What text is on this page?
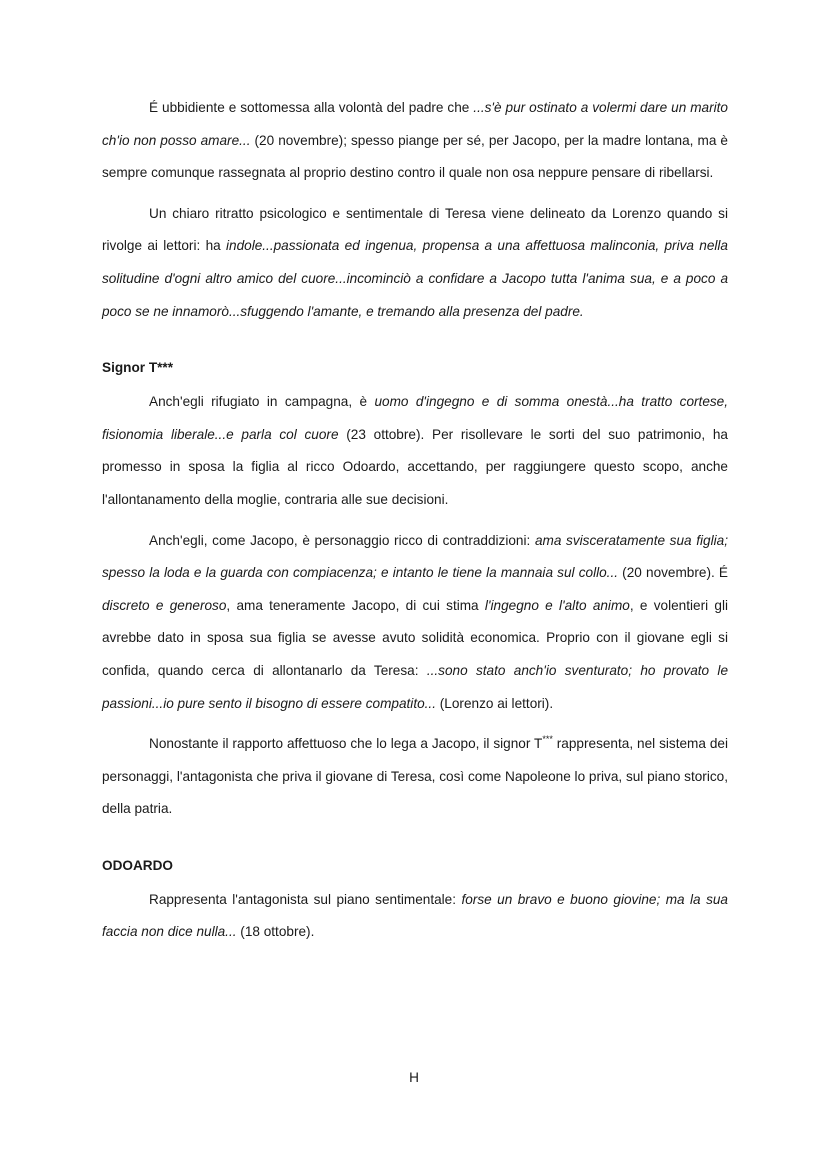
É ubbidiente e sottomessa alla volontà del padre che ...s'è pur ostinato a volermi dare un marito ch'io non posso amare... (20 novembre); spesso piange per sé, per Jacopo, per la madre lontana, ma è sempre comunque rassegnata al proprio destino contro il quale non osa neppure pensare di ribellarsi.

Un chiaro ritratto psicologico e sentimentale di Teresa viene delineato da Lorenzo quando si rivolge ai lettori: ha indole...passionata ed ingenua, propensa a una affettuosa malinconia, priva nella solitudine d'ogni altro amico del cuore...incominciò a confidare a Jacopo tutta l'anima sua, e a poco a poco se ne innamorò...sfuggendo l'amante, e tremando alla presenza del padre.

Signor T***

Anch'egli rifugiato in campagna, è uomo d'ingegno e di somma onestà...ha tratto cortese, fisionomia liberale...e parla col cuore (23 ottobre). Per risollevare le sorti del suo patrimonio, ha promesso in sposa la figlia al ricco Odoardo, accettando, per raggiungere questo scopo, anche l'allontanamento della moglie, contraria alle sue decisioni.

Anch'egli, come Jacopo, è personaggio ricco di contraddizioni: ama svisceratamente sua figlia; spesso la loda e la guarda con compiacenza; e intanto le tiene la mannaia sul collo... (20 novembre). É discreto e generoso, ama teneramente Jacopo, di cui stima l'ingegno e l'alto animo, e volentieri gli avrebbe dato in sposa sua figlia se avesse avuto solidità economica. Proprio con il giovane egli si confida, quando cerca di allontanarlo da Teresa: ...sono stato anch'io sventurato; ho provato le passioni...io pure sento il bisogno di essere compatito... (Lorenzo ai lettori).

Nonostante il rapporto affettuoso che lo lega a Jacopo, il signor T*** rappresenta, nel sistema dei personaggi, l'antagonista che priva il giovane di Teresa, così come Napoleone lo priva, sul piano storico, della patria.

ODOARDO

Rappresenta l'antagonista sul piano sentimentale: forse un bravo e buono giovine; ma la sua faccia non dice nulla... (18 ottobre).

H
